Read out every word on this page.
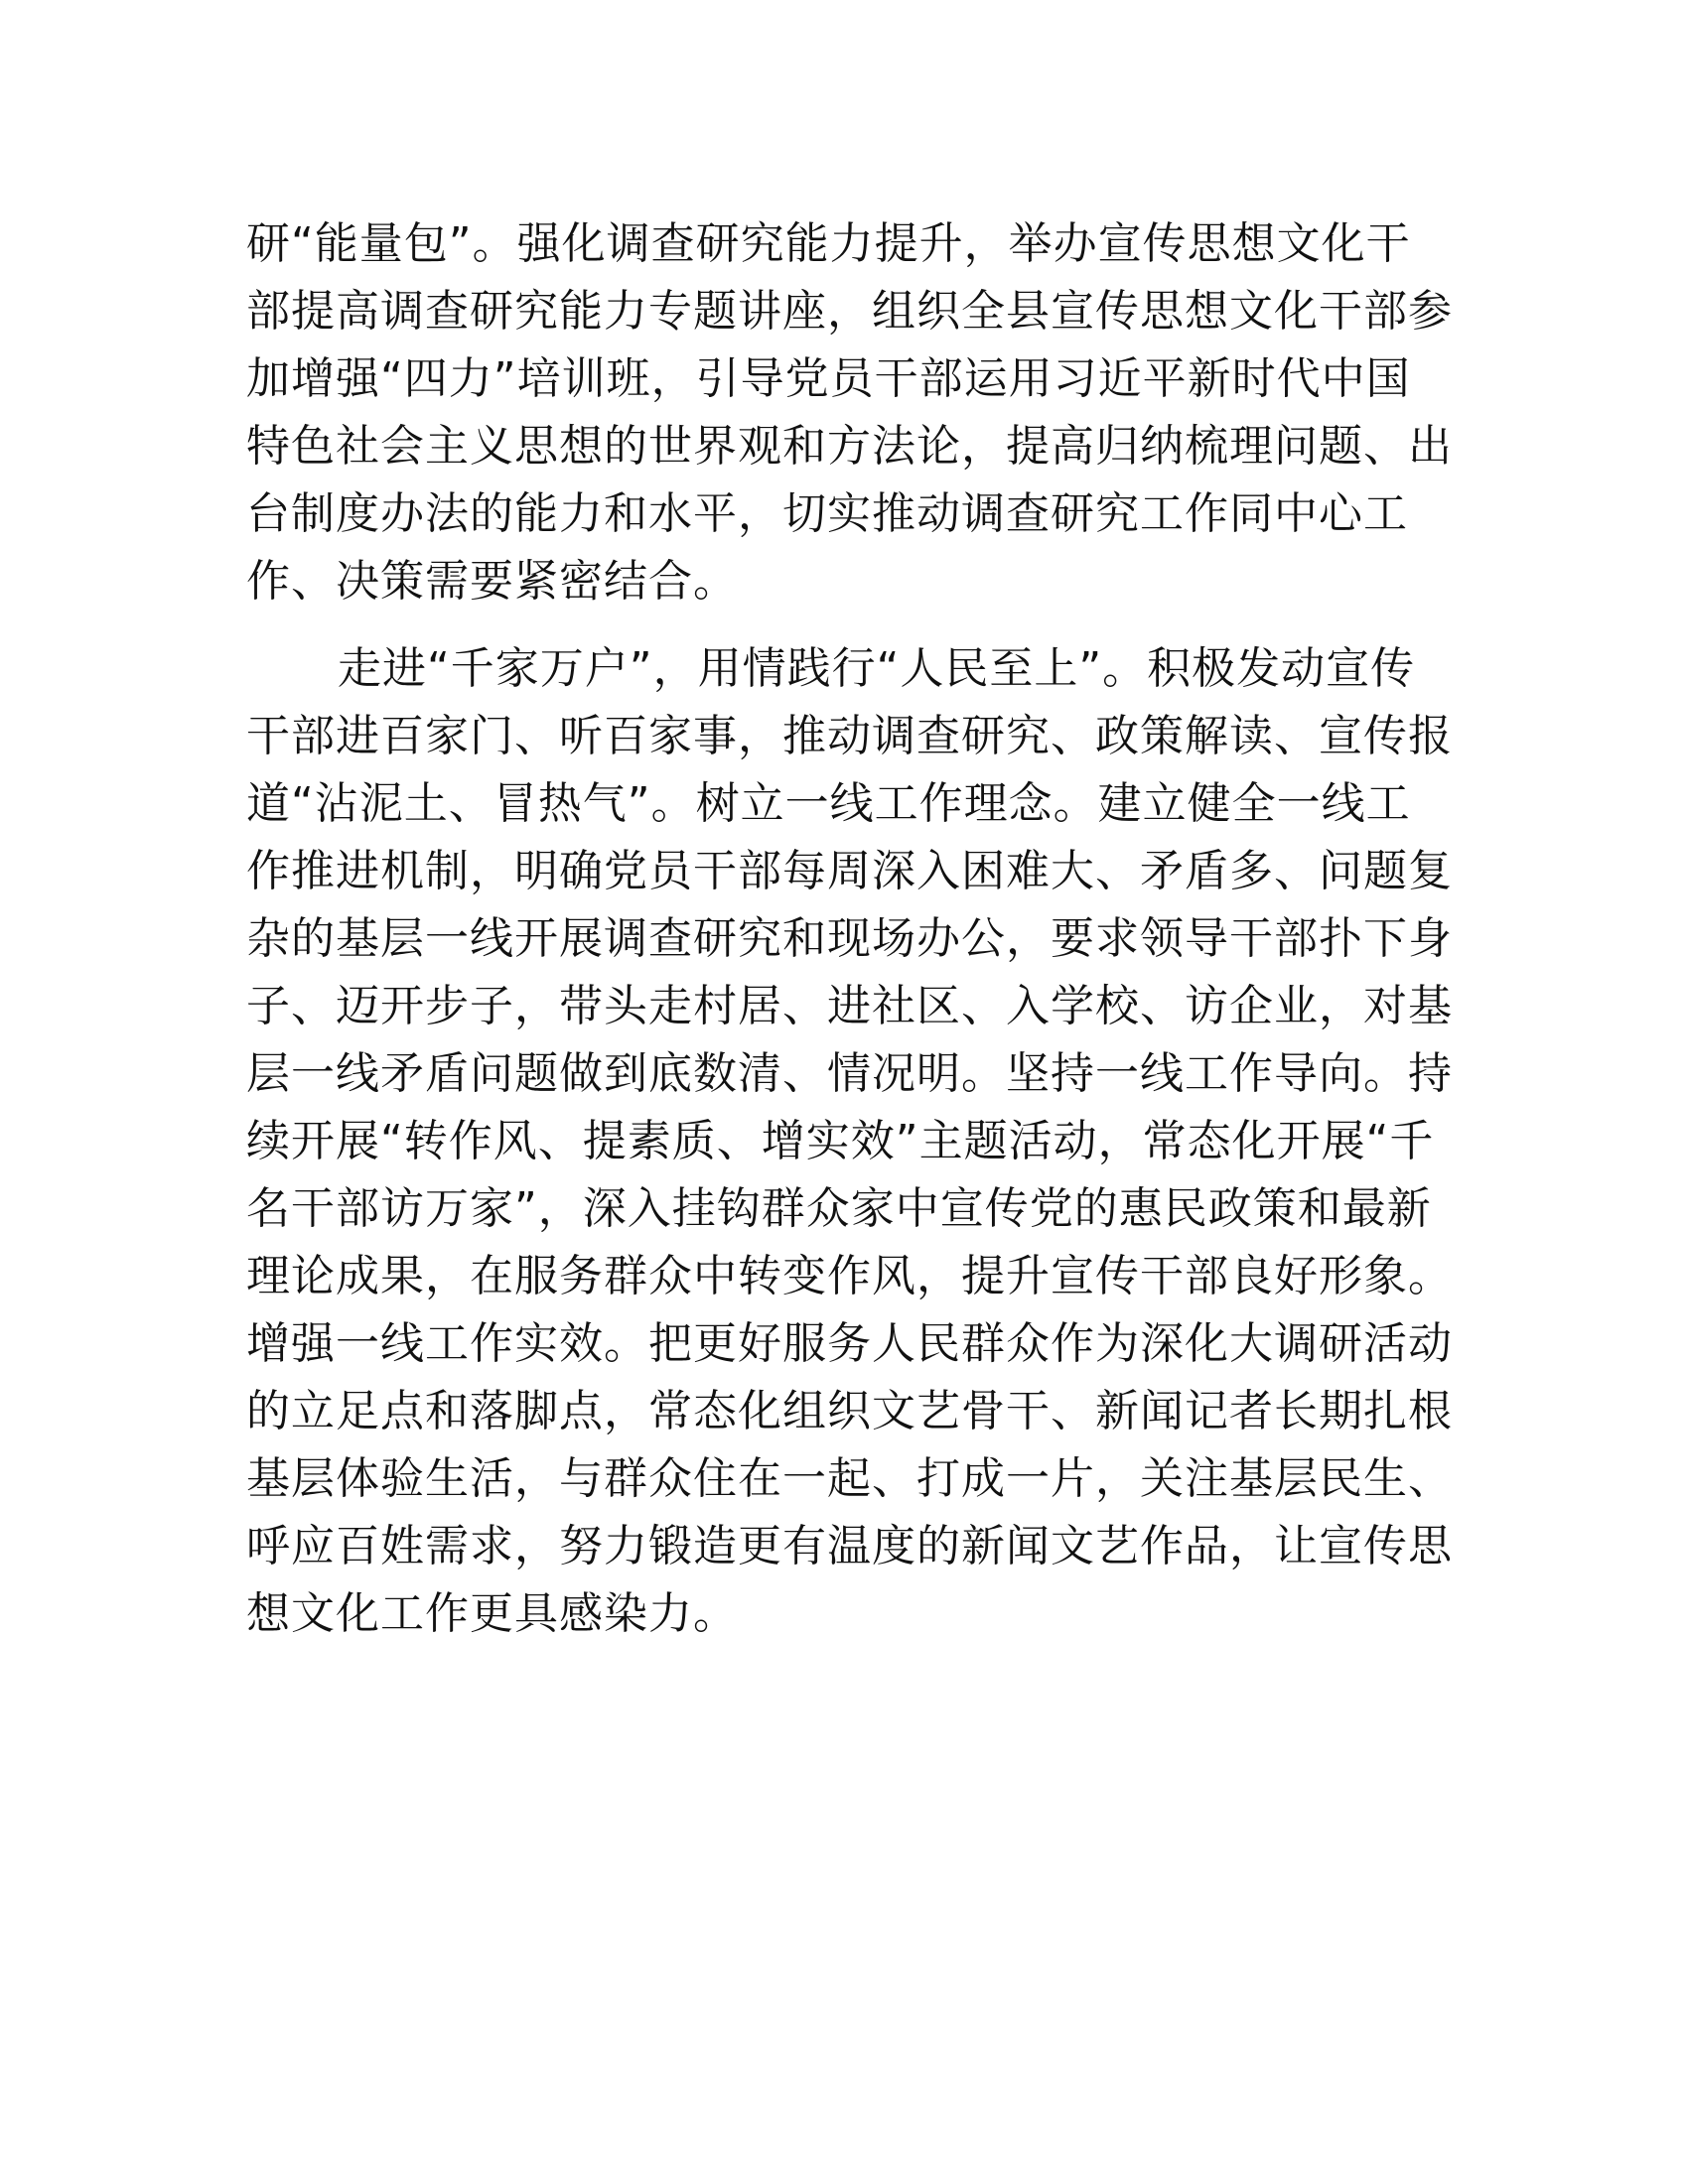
研“能量包”。强化调查研究能力提升，举办宣传思想文化干
部提高调查研究能力专题讲座，组织全县宣传思想文化干部参
加增强“四力”培训班，引导党员干部运用习近平新时代中国
特色社会主义思想的世界观和方法论，提高归纳梳理问题、出
台制度办法的能力和水平，切实推动调查研究工作同中心工
作、决策需要紧密结合。
走进“千家万户”，用情践行“人民至上”。积极发动宣传
干部进百家门、听百家事，推动调查研究、政策解读、宣传报
道“沾泥土、冒热气”。树立一线工作理念。建立健全一线工
作推进机制，明确党员干部每周深入困难大、矛盾多、问题复
杂的基层一线开展调查研究和现场办公，要求领导干部扑下身
子、迈开步子，带头走村居、进社区、入学校、访企业，对基
层一线矛盾问题做到底数清、情况明。坚持一线工作导向。持
续开展“转作风、提素质、增实效”主题活动，常态化开展“千
名干部访万家”，深入挂钩群众家中宣传党的惠民政策和最新
理论成果，在服务群众中转变作风，提升宣传干部良好形象。
增强一线工作实效。把更好服务人民群众作为深化大调研活动
的立足点和落脚点，常态化组织文艺骨干、新闻记者长期扎根
基层体验生活，与群众住在一起、打成一片，关注基层民生、
呼应百姓需求，努力锻造更有温度的新闻文艺作品，让宣传思
想文化工作更具感染力。
